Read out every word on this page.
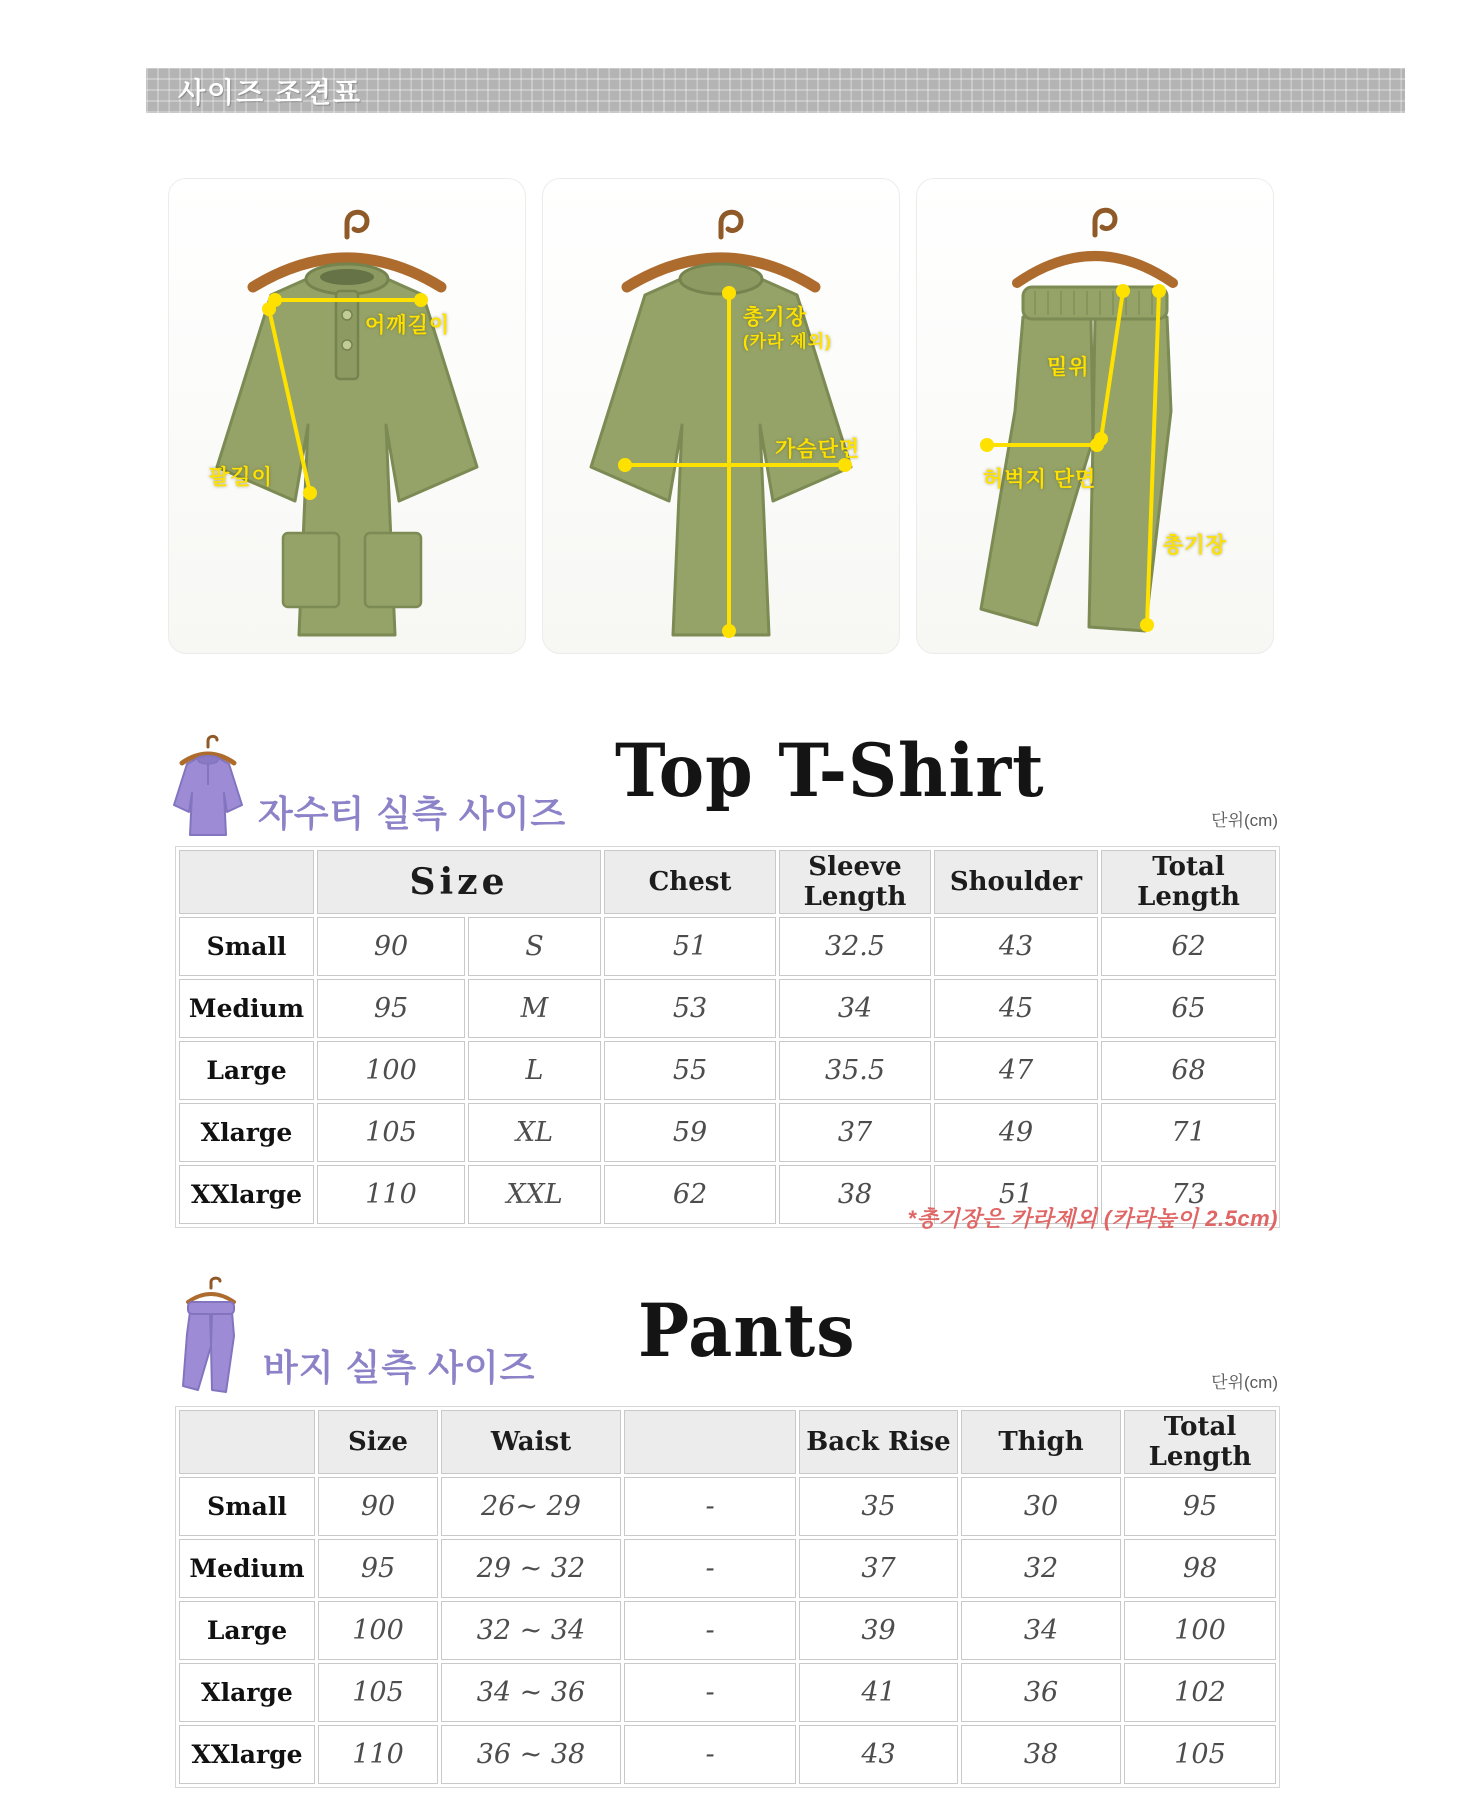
사이즈 조견표
어깨길이
팔길이
총기장
(카라 제외)
가슴단면
밑위
허벅지 단면
총기장
자수티 실측 사이즈 Top T-Shirt
단위(cm)
	Size		Chest	Sleeve Length	Shoulder	Total Length
Small	90	S	51	32.5	43	62
Medium	95	M	53	34	45	65
Large	100	L	55	35.5	47	68
Xlarge	105	XL	59	37	49	71
XXlarge	110	XXL	62	38	51	73
*총기장은 카라제외 (카라높이 2.5cm)
바지 실측 사이즈 Pants
단위(cm)
	Size	Waist		Back Rise	Thigh	Total Length
Small	90	26~ 29	-	35	30	95
Medium	95	29 ~ 32	-	37	32	98
Large	100	32 ~ 34	-	39	34	100
Xlarge	105	34 ~ 36	-	41	36	102
XXlarge	110	36 ~ 38	-	43	38	105
